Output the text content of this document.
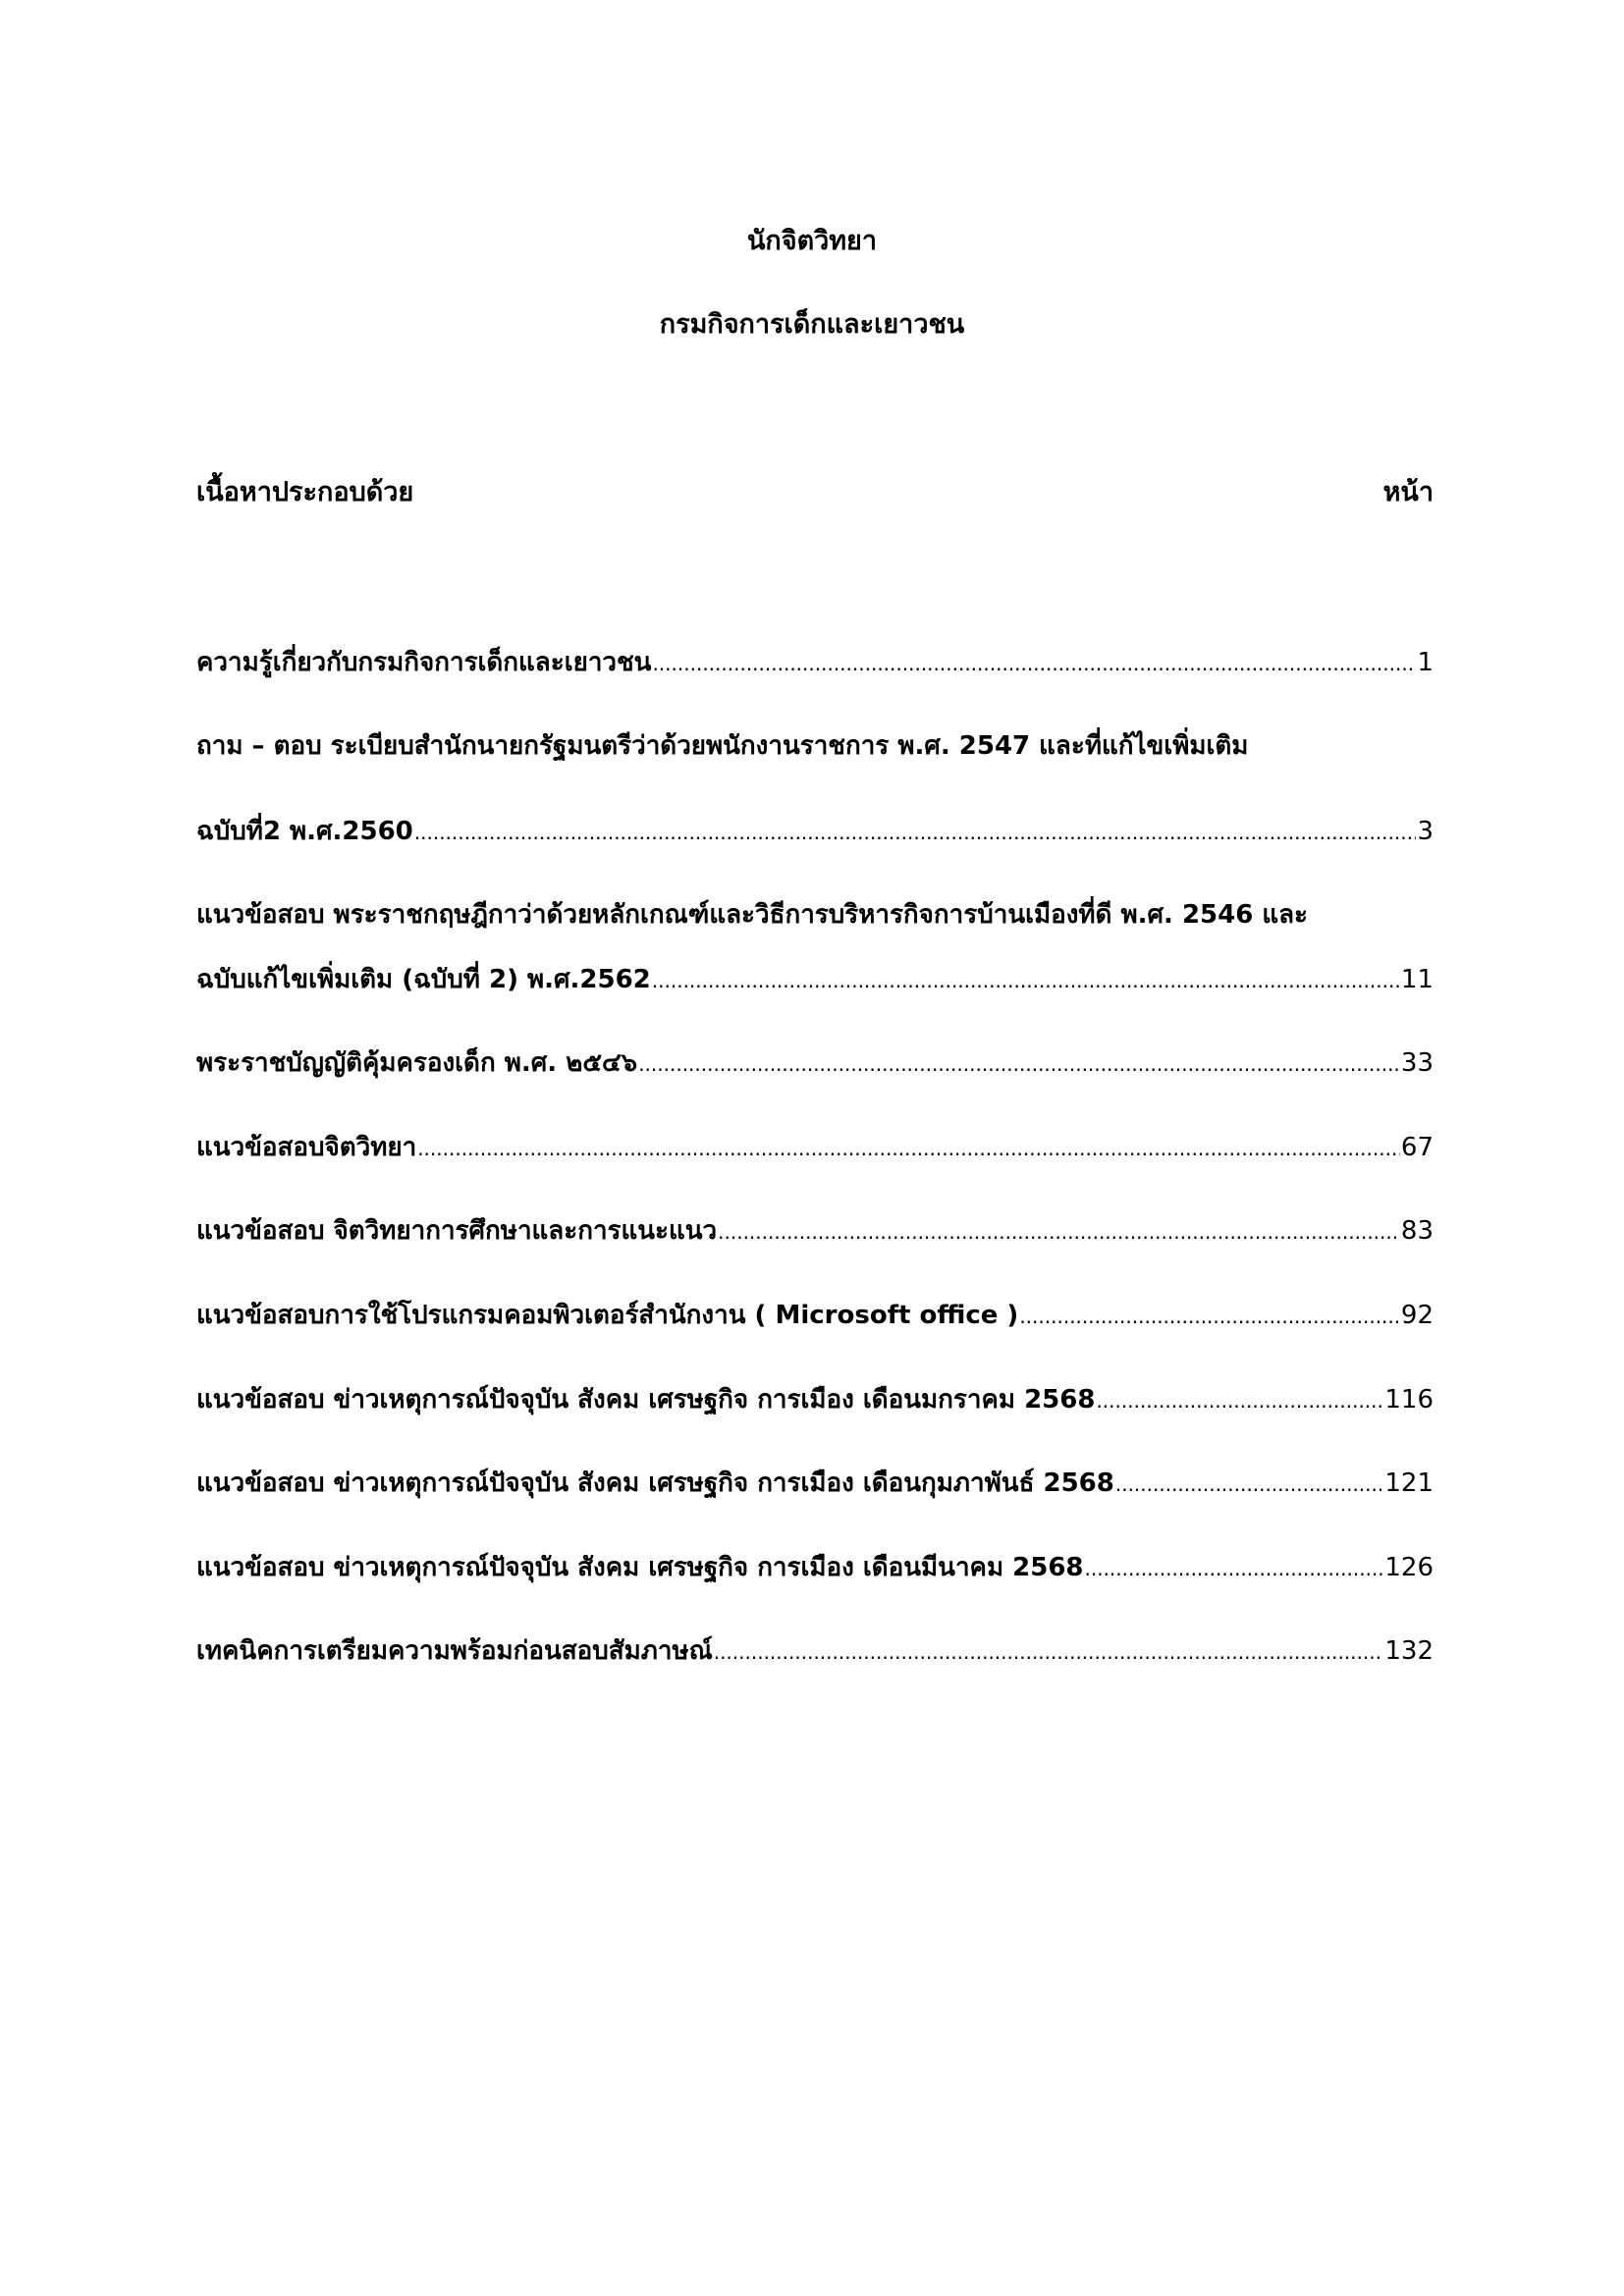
นักจิตวิทยา
กรมกิจการเด็กและเยาวชน
เนื้อหาประกอบด้วย	หน้า
ความรู้เกี่ยวกับกรมกิจการเด็กและเยาวชน .....	1
ถาม – ตอบ ระเบียบสำนักนายกรัฐมนตรีว่าด้วยพนักงานราชการ พ.ศ. 2547 และที่แก้ไขเพิ่มเติม
ฉบับที่2 พ.ศ.2560 .....	3
แนวข้อสอบ พระราชกฤษฎีกาว่าด้วยหลักเกณฑ์และวิธีการบริหารกิจการบ้านเมืองที่ดี พ.ศ. 2546 และ
ฉบับแก้ไขเพิ่มเติม (ฉบับที่ 2) พ.ศ.2562 .....	11
พระราชบัญญัติคุ้มครองเด็ก พ.ศ. ๒๕๔๖ .....	33
แนวข้อสอบจิตวิทยา .....	67
แนวข้อสอบ จิตวิทยาการศึกษาและการแนะแนว .....	83
แนวข้อสอบการใช้โปรแกรมคอมพิวเตอร์สำนักงาน ( Microsoft office ) .....	92
แนวข้อสอบ ข่าวเหตุการณ์ปัจจุบัน สังคม เศรษฐกิจ การเมือง เดือนมกราคม 2568 .....	116
แนวข้อสอบ ข่าวเหตุการณ์ปัจจุบัน สังคม เศรษฐกิจ การเมือง เดือนกุมภาพันธ์ 2568 .....	121
แนวข้อสอบ ข่าวเหตุการณ์ปัจจุบัน สังคม เศรษฐกิจ การเมือง เดือนมีนาคม 2568 .....	126
เทคนิคการเตรียมความพร้อมก่อนสอบสัมภาษณ์ .....	132
